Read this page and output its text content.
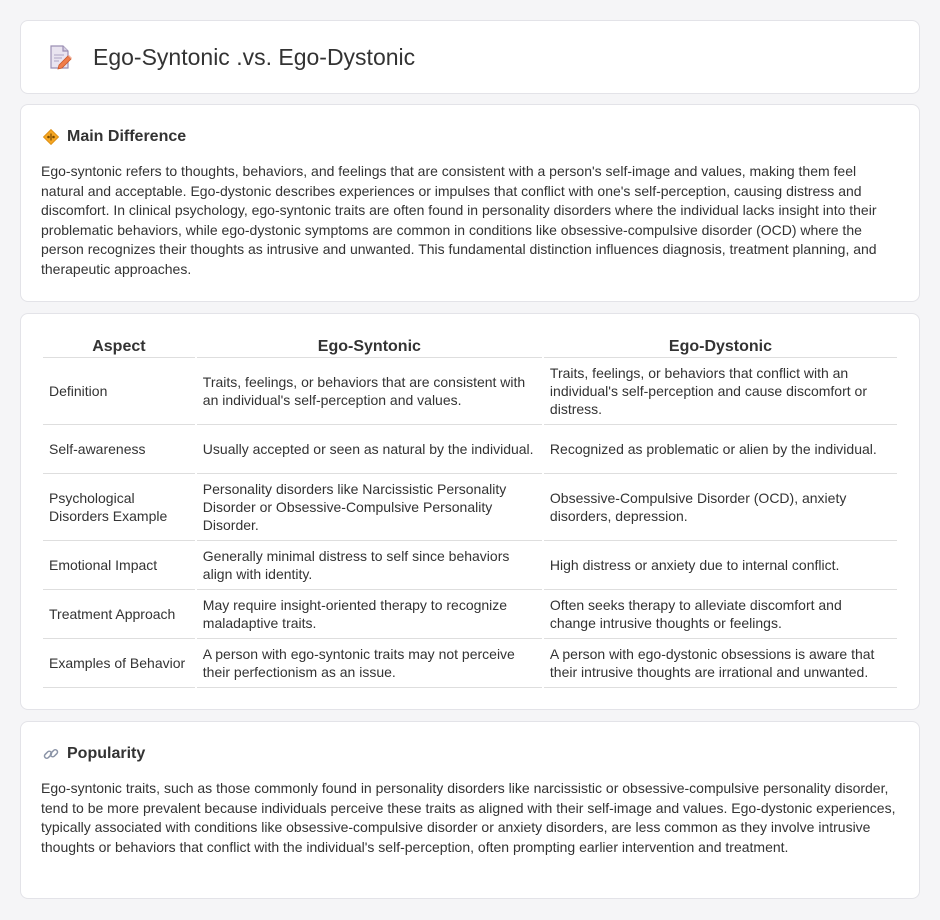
Ego-Syntonic .vs. Ego-Dystonic
Main Difference

Ego-syntonic refers to thoughts, behaviors, and feelings that are consistent with a person's self-image and values, making them feel natural and acceptable. Ego-dystonic describes experiences or impulses that conflict with one's self-perception, causing distress and discomfort. In clinical psychology, ego-syntonic traits are often found in personality disorders where the individual lacks insight into their problematic behaviors, while ego-dystonic symptoms are common in conditions like obsessive-compulsive disorder (OCD) where the person recognizes their thoughts as intrusive and unwanted. This fundamental distinction influences diagnosis, treatment planning, and therapeutic approaches.

Aspect	Ego-Syntonic	Ego-Dystonic
Definition	Traits, feelings, or behaviors that are consistent with an individual's self-perception and values.	Traits, feelings, or behaviors that conflict with an individual's self-perception and cause discomfort or distress.
Self-awareness	Usually accepted or seen as natural by the individual.	Recognized as problematic or alien by the individual.
Psychological Disorders Example	Personality disorders like Narcissistic Personality Disorder or Obsessive-Compulsive Personality Disorder.	Obsessive-Compulsive Disorder (OCD), anxiety disorders, depression.
Emotional Impact	Generally minimal distress to self since behaviors align with identity.	High distress or anxiety due to internal conflict.
Treatment Approach	May require insight-oriented therapy to recognize maladaptive traits.	Often seeks therapy to alleviate discomfort and change intrusive thoughts or feelings.
Examples of Behavior	A person with ego-syntonic traits may not perceive their perfectionism as an issue.	A person with ego-dystonic obsessions is aware that their intrusive thoughts are irrational and unwanted.
Popularity

Ego-syntonic traits, such as those commonly found in personality disorders like narcissistic or obsessive-compulsive personality disorder, tend to be more prevalent because individuals perceive these traits as aligned with their self-image and values. Ego-dystonic experiences, typically associated with conditions like obsessive-compulsive disorder or anxiety disorders, are less common as they involve intrusive thoughts or behaviors that conflict with the individual's self-perception, often prompting earlier intervention and treatment.
